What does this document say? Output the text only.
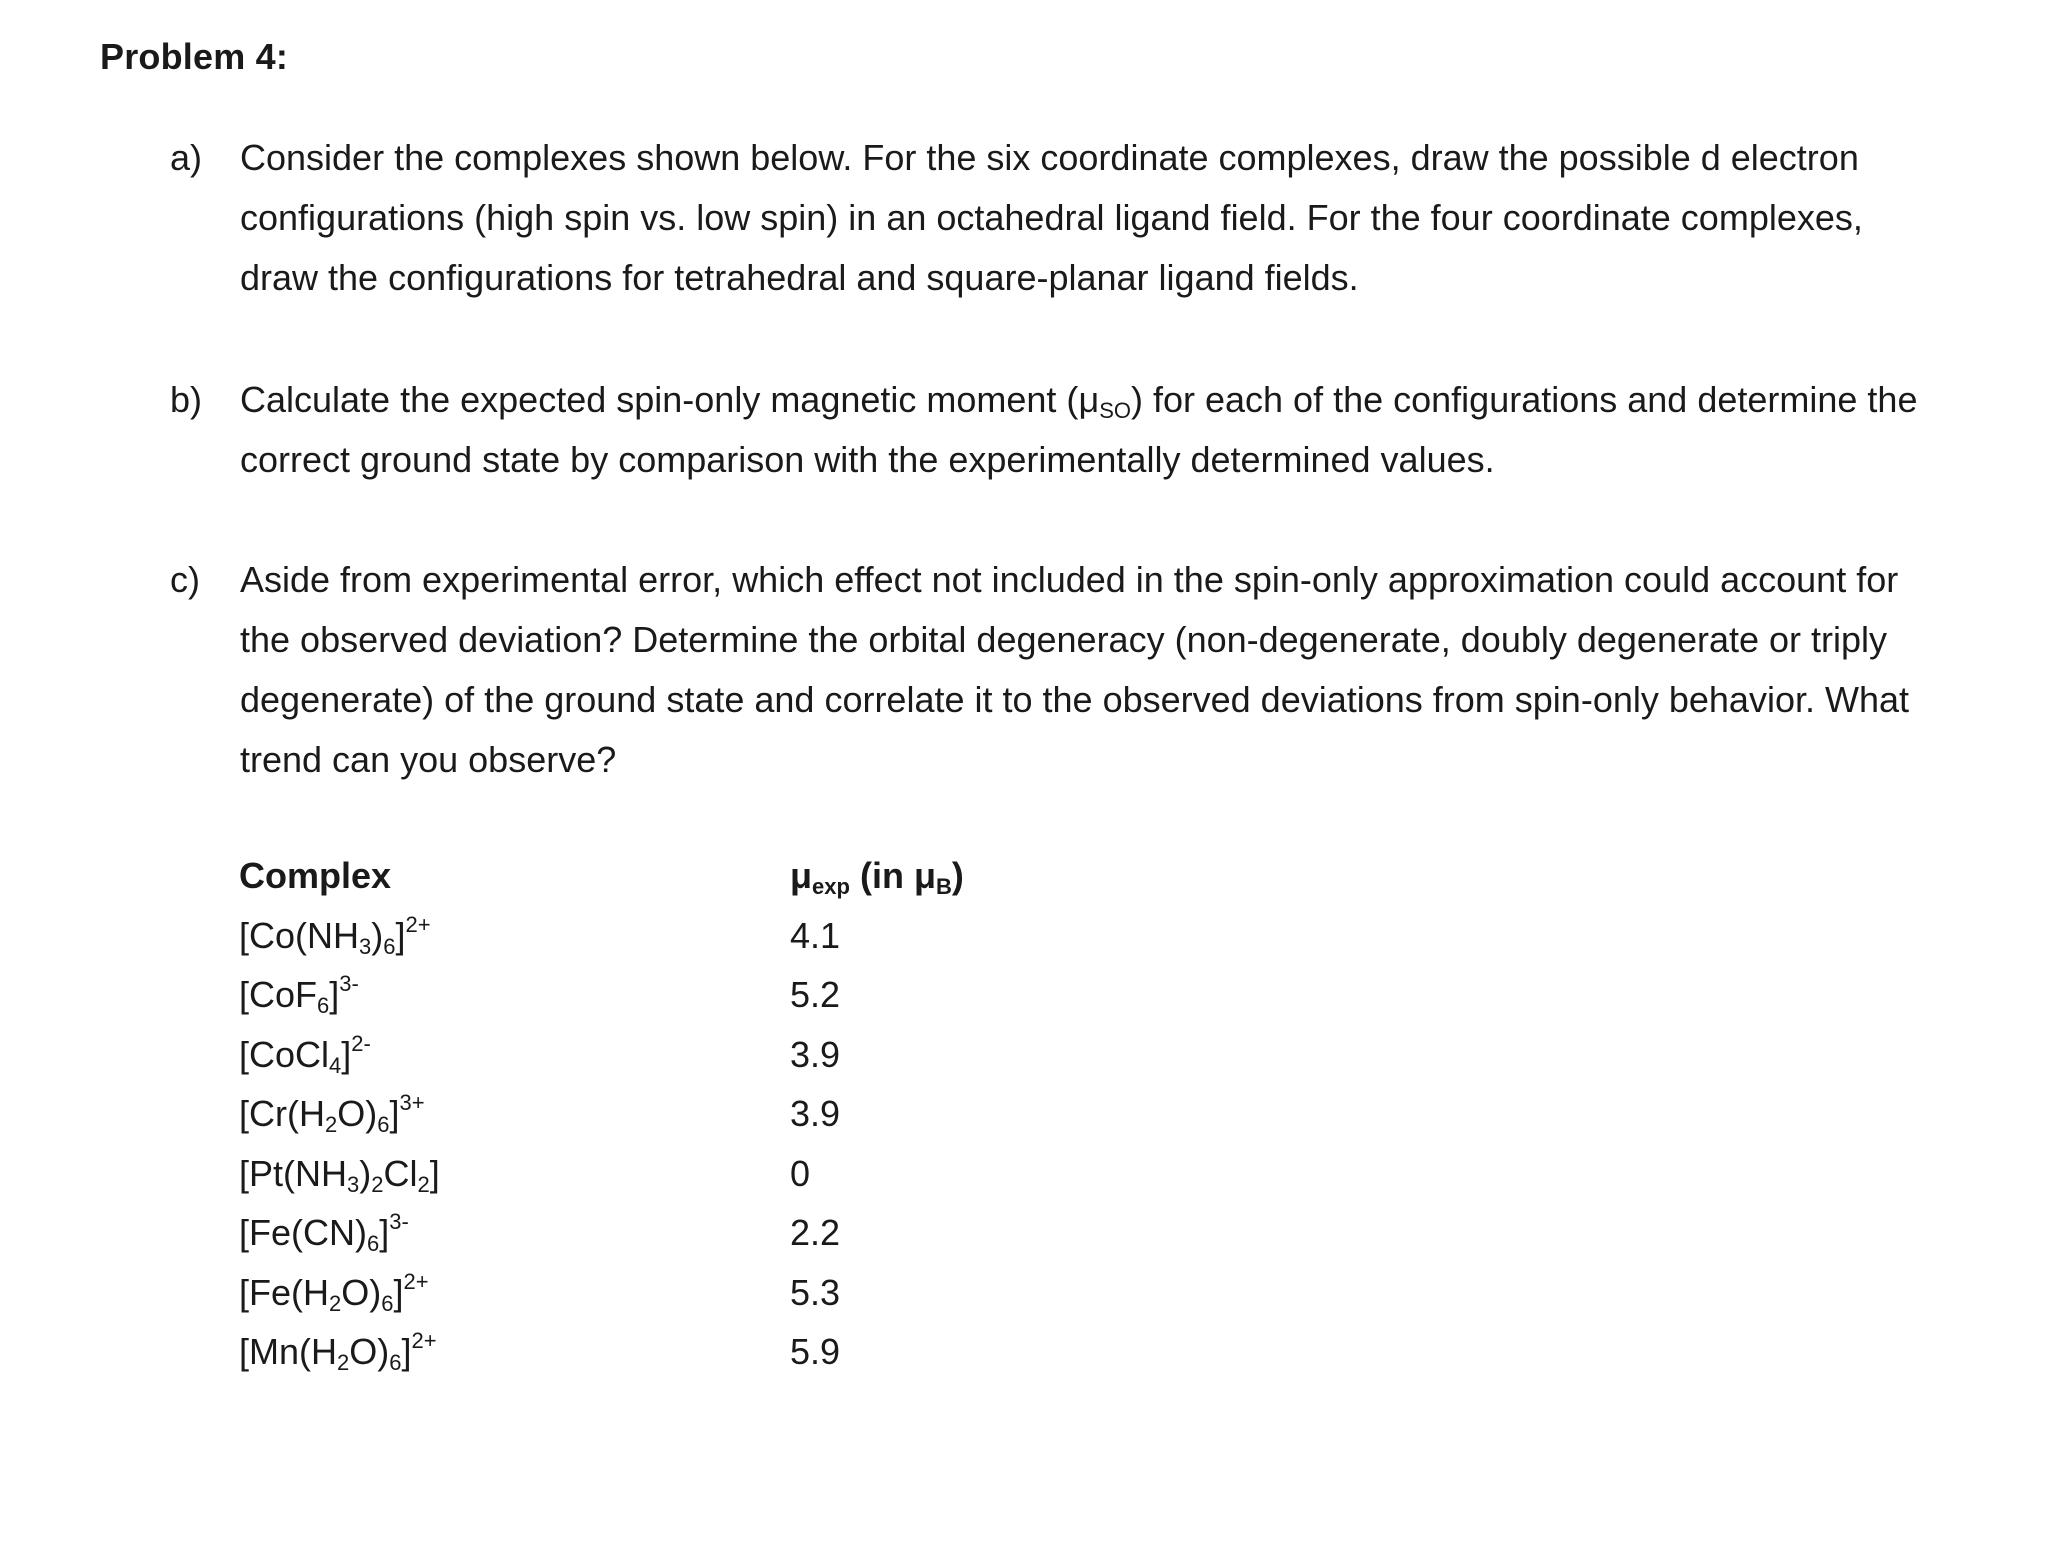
Problem 4:
a) Consider the complexes shown below. For the six coordinate complexes, draw the possible d electron configurations (high spin vs. low spin) in an octahedral ligand field. For the four coordinate complexes, draw the configurations for tetrahedral and square-planar ligand fields.
b) Calculate the expected spin-only magnetic moment (μSO) for each of the configurations and determine the correct ground state by comparison with the experimentally determined values.
c) Aside from experimental error, which effect not included in the spin-only approximation could account for the observed deviation? Determine the orbital degeneracy (non-degenerate, doubly degenerate or triply degenerate) of the ground state and correlate it to the observed deviations from spin-only behavior. What trend can you observe?
Complex	μexp (in μB)
$[Co(NH_3)_6]^{2+}$	4.1
$[CoF_6]^{3-}$	5.2
[CoCl$_4$]$^{2-}$	3.9
$[Cr(H_2O)_6]^{3+}$	3.9
$[Pt(NH_3)_2Cl_2]$	0
$[Fe(CN)_6]^{3-}$	2.2
$[Fe(H_2O)_6]^{2+}$	5.3
$[Mn(H_2O)_6]^{2+}$	5.9
